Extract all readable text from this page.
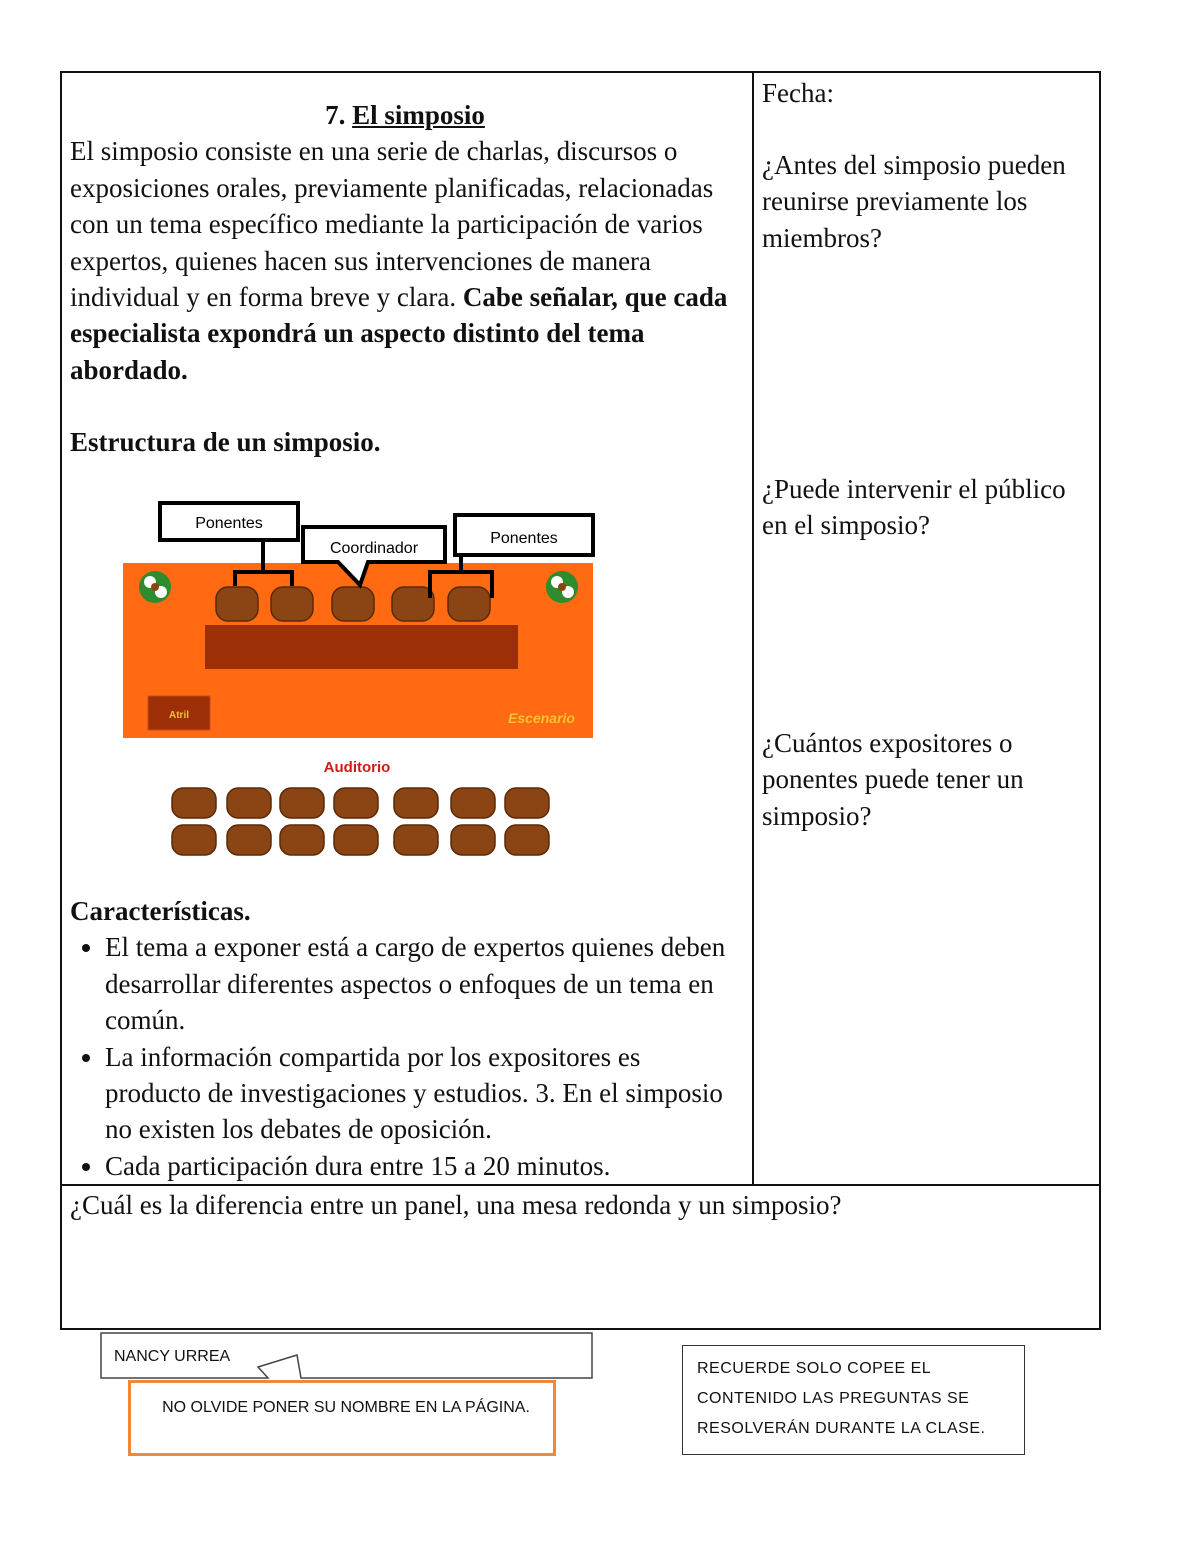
7. El simposio

El simposio consiste en una serie de charlas, discursos o exposiciones orales, previamente planificadas, relacionadas con un tema específico mediante la participación de varios expertos, quienes hacen sus intervenciones de manera individual y en forma breve y clara. Cabe señalar, que cada especialista expondrá un aspecto distinto del tema abordado.

Estructura de un simposio.

Características.

• El tema a exponer está a cargo de expertos quienes deben desarrollar diferentes aspectos o enfoques de un tema en común.
• La información compartida por los expositores es producto de investigaciones y estudios. 3. En el simposio no existen los debates de oposición.
• Cada participación dura entre 15 a 20 minutos.
Fecha:
¿Antes del simposio pueden reunirse previamente los miembros?
¿Puede intervenir el público en el simposio?
¿Cuántos expositores o ponentes puede tener un simposio?
¿Cuál es la diferencia entre un panel, una mesa redonda y un simposio?
Atril	Escenario
Ponentes
Coordinador
Ponentes
Auditorio
NANCY URREA
NO OLVIDE PONER SU NOMBRE EN LA PÁGINA.
RECUERDE SOLO COPEE EL CONTENIDO LAS PREGUNTAS SE RESOLVERÁN DURANTE LA CLASE.
